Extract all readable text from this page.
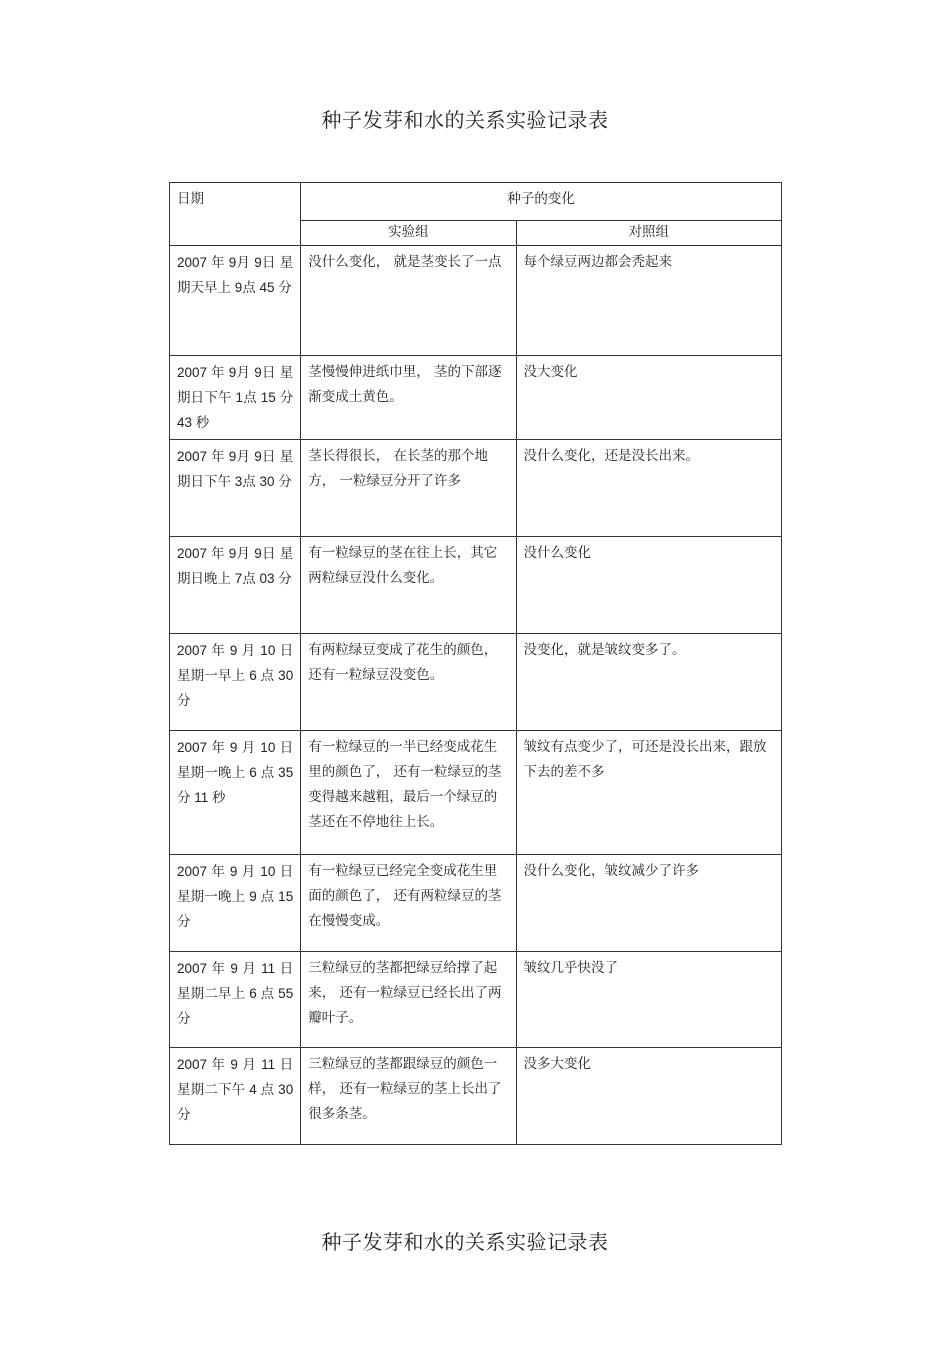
种子发芽和水的关系实验记录表
日期	种子的变化	
	实验组	对照组
2007 年 9月 9日 星期天早上 9点 45 分	没什么变化， 就是茎变长了一点	每个绿豆两边都会秃起来
2007 年 9月 9日 星期日下午 1点 15 分 43 秒	茎慢慢伸进纸巾里， 茎的下部逐渐变成土黄色。	没大变化
2007 年 9月 9日 星期日下午 3点 30 分	茎长得很长， 在长茎的那个地方， 一粒绿豆分开了许多	没什么变化，还是没长出来。
2007 年 9月 9日 星期日晚上 7点 03 分	有一粒绿豆的茎在往上长，其它两粒绿豆没什么变化。	没什么变化
2007 年 9 月 10 日星期一早上 6 点 30 分	有两粒绿豆变成了花生的颜色，还有一粒绿豆没变色。	没变化，就是皱纹变多了。
2007 年 9 月 10 日星期一晚上 6 点 35 分 11 秒	有一粒绿豆的一半已经变成花生里的颜色了， 还有一粒绿豆的茎变得越来越粗，最后一个绿豆的茎还在不停地往上长。	皱纹有点变少了，可还是没长出来，跟放下去的差不多
2007 年 9 月 10 日星期一晚上 9 点 15 分	有一粒绿豆已经完全变成花生里面的颜色了， 还有两粒绿豆的茎在慢慢变成。	没什么变化，皱纹减少了许多
2007 年 9 月 11 日星期二早上 6 点 55 分	三粒绿豆的茎都把绿豆给撑了起来， 还有一粒绿豆已经长出了两瓣叶子。	皱纹几乎快没了
2007 年 9 月 11 日星期二下午 4 点 30 分	三粒绿豆的茎都跟绿豆的颜色一样， 还有一粒绿豆的茎上长出了很多条茎。	没多大变化
种子发芽和水的关系实验记录表
